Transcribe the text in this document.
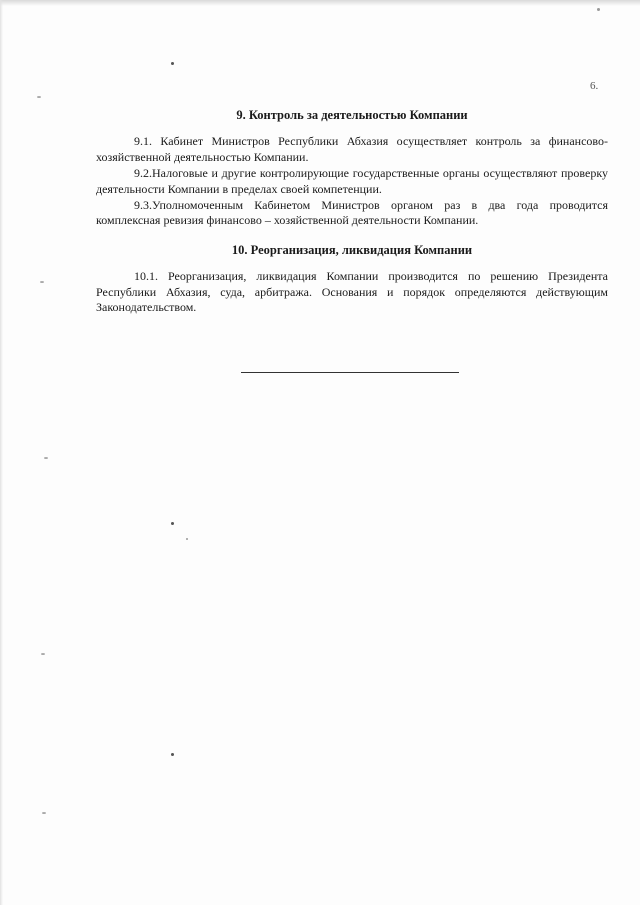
6.
9. Контроль за деятельностью Компании

9.1. Кабинет Министров Республики Абхазия осуществляет контроль за финансово-хозяйственной деятельностью Компании.

9.2.Налоговые и другие контролирующие государственные органы осуществляют проверку деятельности Компании в пределах своей компетенции.

9.3.Уполномоченным Кабинетом Министров органом раз в два года проводится комплексная ревизия финансово – хозяйственной деятельности Компании.

10. Реорганизация, ликвидация Компании

10.1. Реорганизация, ликвидация Компании производится по решению Президента Республики Абхазия, суда, арбитража. Основания и порядок определяются действующим Законодательством.
